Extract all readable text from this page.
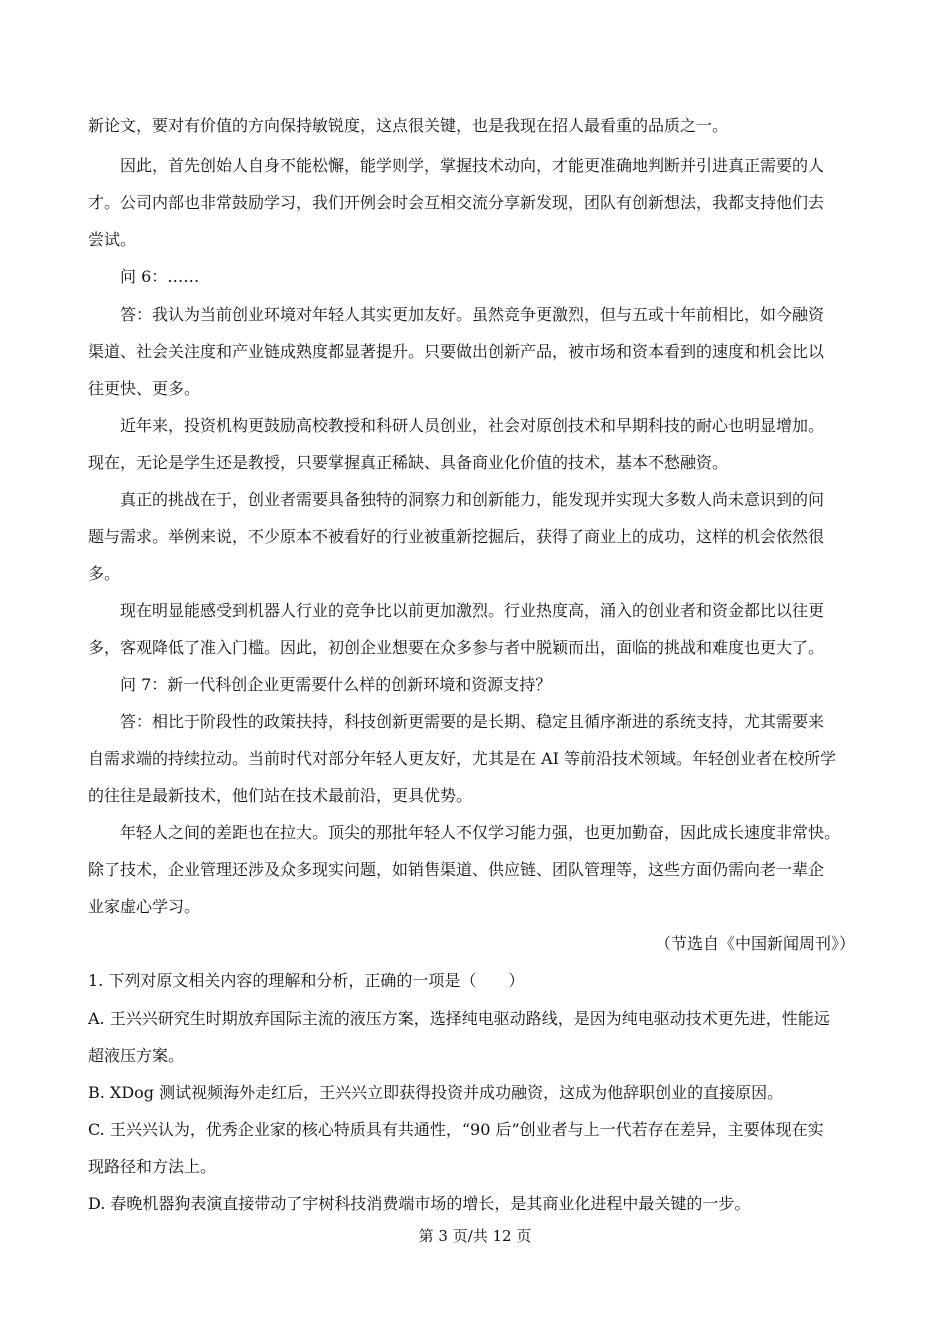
新论文，要对有价值的方向保持敏锐度，这点很关键，也是我现在招人最看重的品质之一。
因此，首先创始人自身不能松懈，能学则学，掌握技术动向，才能更准确地判断并引进真正需要的人
才。公司内部也非常鼓励学习，我们开例会时会互相交流分享新发现，团队有创新想法，我都支持他们去
尝试。
问 6：……
答：我认为当前创业环境对年轻人其实更加友好。虽然竞争更激烈，但与五或十年前相比，如今融资
渠道、社会关注度和产业链成熟度都显著提升。只要做出创新产品，被市场和资本看到的速度和机会比以
往更快、更多。
近年来，投资机构更鼓励高校教授和科研人员创业，社会对原创技术和早期科技的耐心也明显增加。
现在，无论是学生还是教授，只要掌握真正稀缺、具备商业化价值的技术，基本不愁融资。
真正的挑战在于，创业者需要具备独特的洞察力和创新能力，能发现并实现大多数人尚未意识到的问
题与需求。举例来说，不少原本不被看好的行业被重新挖掘后，获得了商业上的成功，这样的机会依然很
多。
现在明显能感受到机器人行业的竞争比以前更加激烈。行业热度高，涌入的创业者和资金都比以往更
多，客观降低了准入门槛。因此，初创企业想要在众多参与者中脱颖而出，面临的挑战和难度也更大了。
问 7：新一代科创企业更需要什么样的创新环境和资源支持？
答：相比于阶段性的政策扶持，科技创新更需要的是长期、稳定且循序渐进的系统支持，尤其需要来
自需求端的持续拉动。当前时代对部分年轻人更友好，尤其是在 AI 等前沿技术领域。年轻创业者在校所学
的往往是最新技术，他们站在技术最前沿，更具优势。
年轻人之间的差距也在拉大。顶尖的那批年轻人不仅学习能力强，也更加勤奋，因此成长速度非常快。
除了技术，企业管理还涉及众多现实问题，如销售渠道、供应链、团队管理等，这些方面仍需向老一辈企
业家虚心学习。
（节选自《中国新闻周刊》）
1. 下列对原文相关内容的理解和分析，正确的一项是（　　）
A. 王兴兴研究生时期放弃国际主流的液压方案，选择纯电驱动路线，是因为纯电驱动技术更先进，性能远
超液压方案。
B. XDog 测试视频海外走红后，王兴兴立即获得投资并成功融资，这成为他辞职创业的直接原因。
C. 王兴兴认为，优秀企业家的核心特质具有共通性，“90 后”创业者与上一代若存在差异，主要体现在实
现路径和方法上。
D. 春晚机器狗表演直接带动了宇树科技消费端市场的增长，是其商业化进程中最关键的一步。
第 3 页/共 12 页
